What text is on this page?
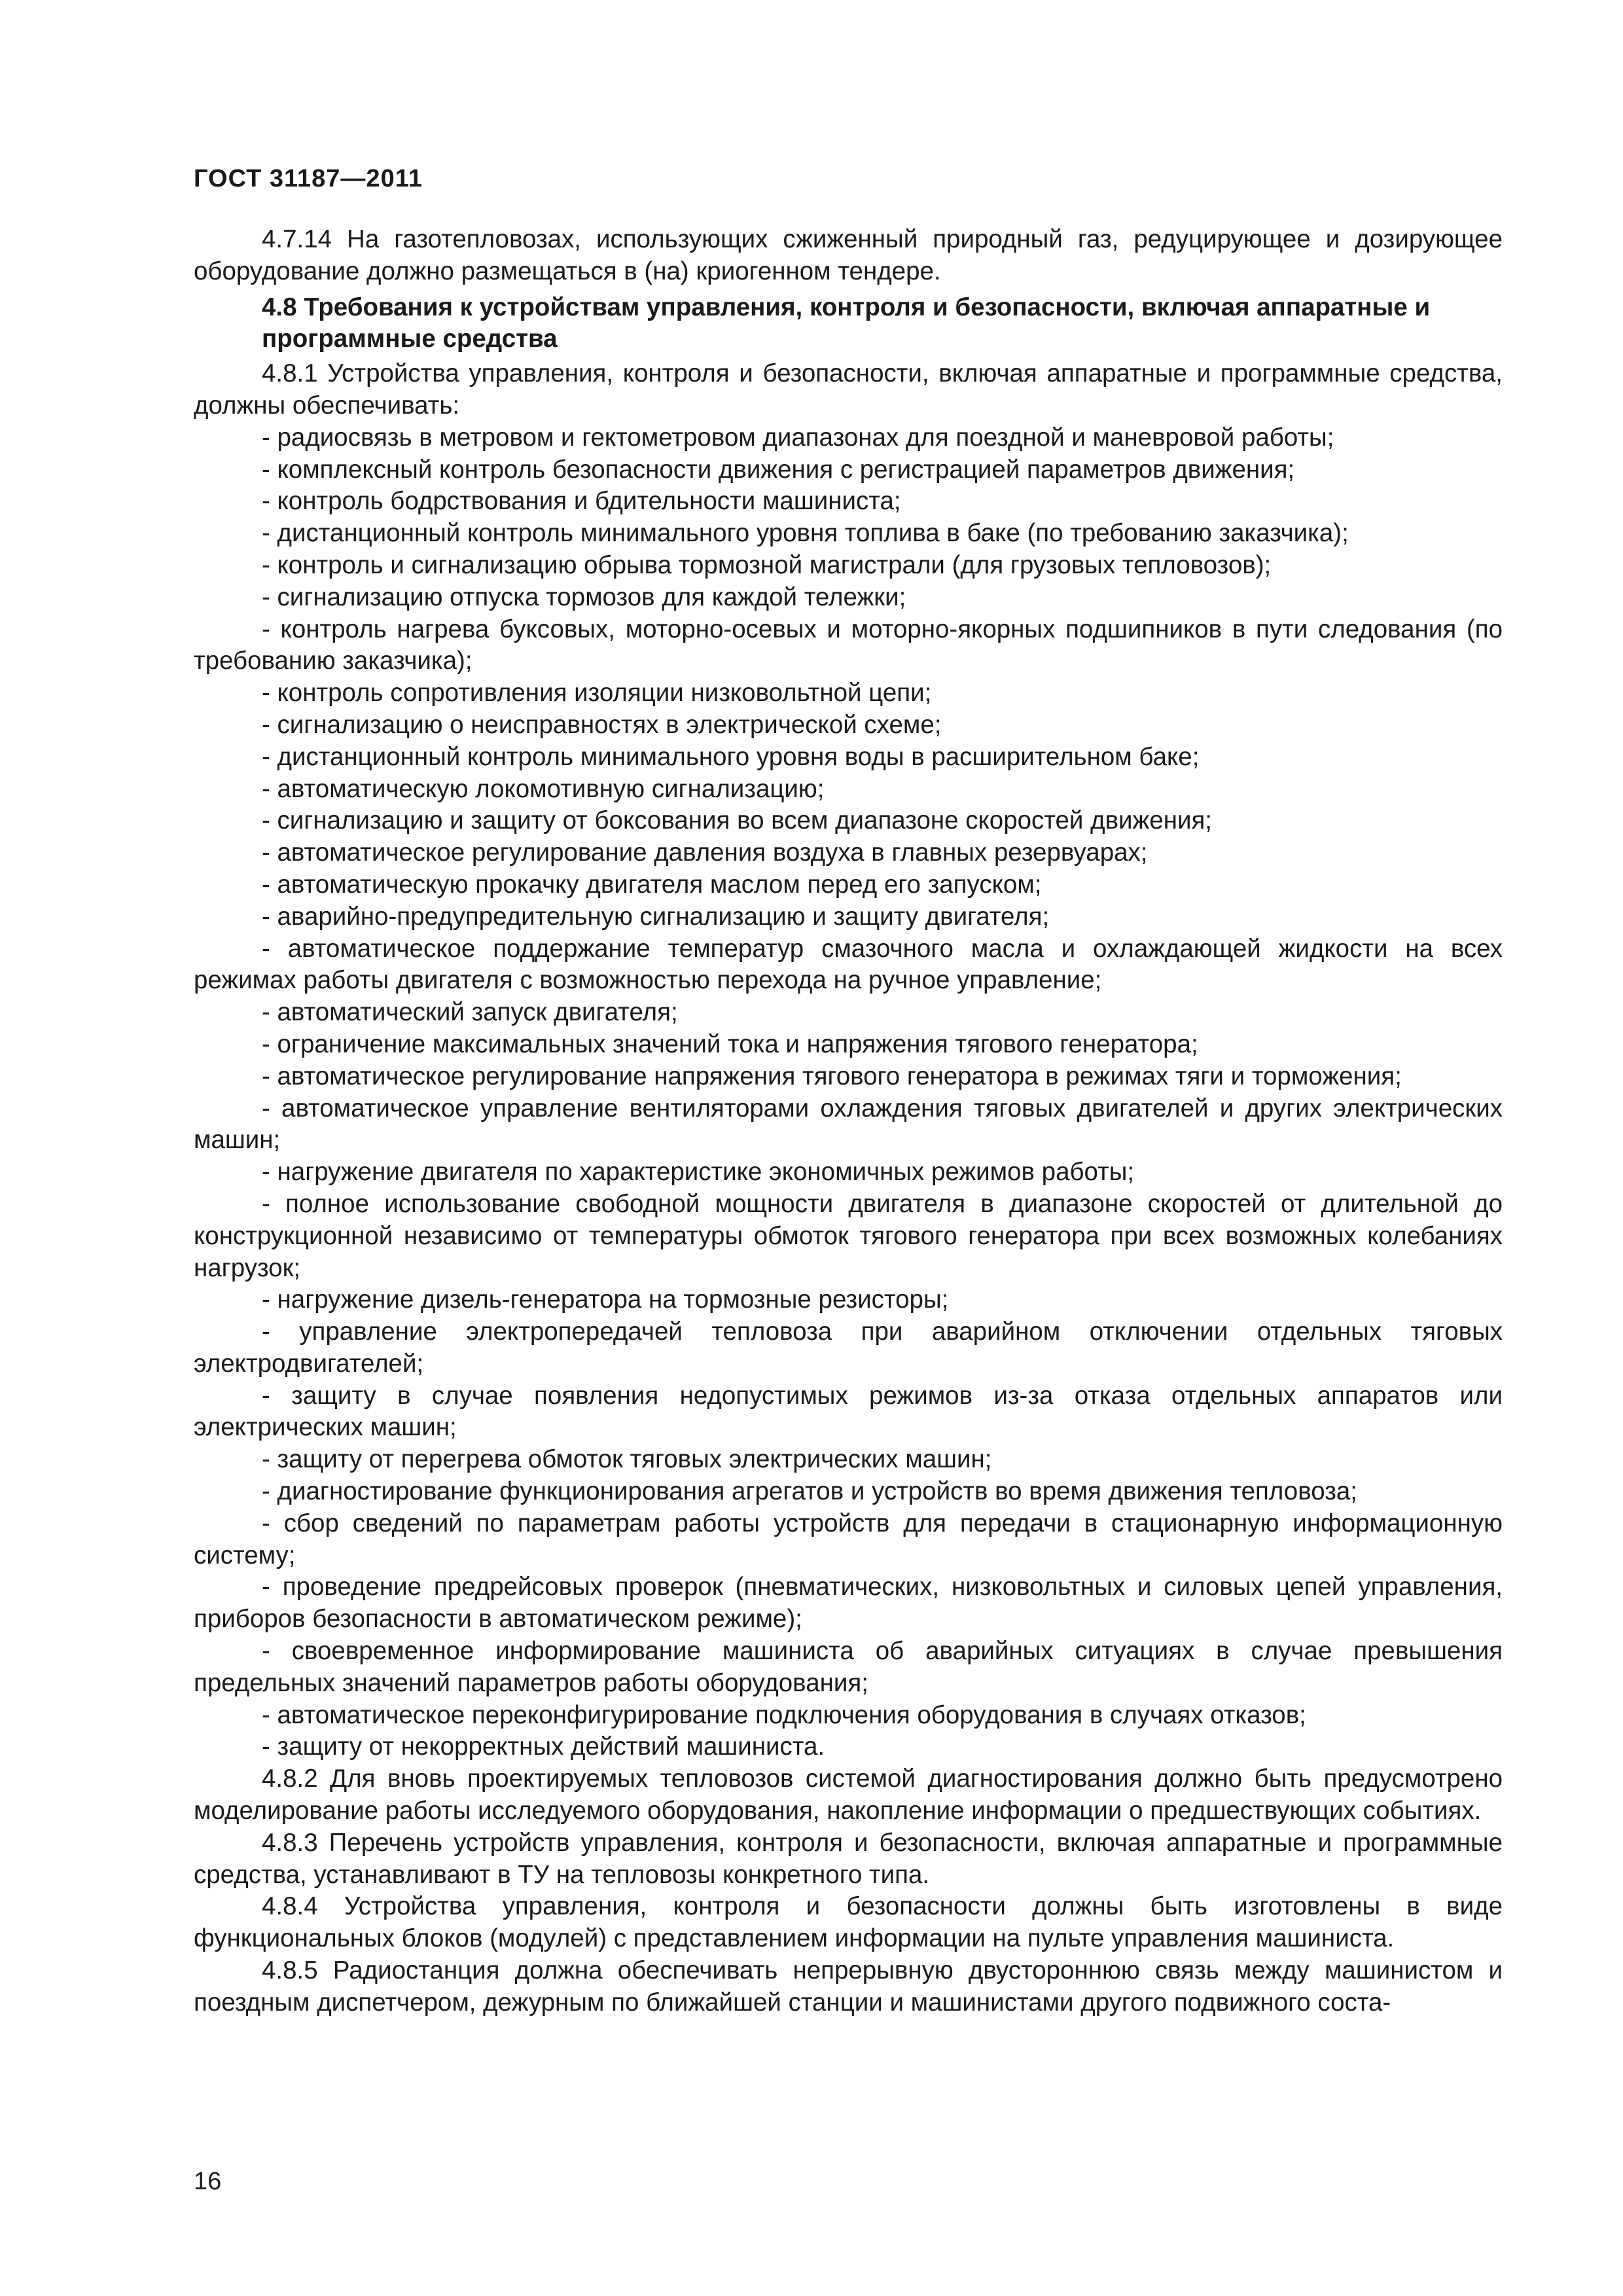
ГОСТ 31187—2011

4.7.14 На газотепловозах, использующих сжиженный природный газ, редуцирующее и дозирующее оборудование должно размещаться в (на) криогенном тендере.

4.8 Требования к устройствам управления, контроля и безопасности, включая аппаратные и программные средства

4.8.1 Устройства управления, контроля и безопасности, включая аппаратные и программные средства, должны обеспечивать:

- радиосвязь в метровом и гектометровом диапазонах для поездной и маневровой работы;

- комплексный контроль безопасности движения с регистрацией параметров движения;

- контроль бодрствования и бдительности машиниста;

- дистанционный контроль минимального уровня топлива в баке (по требованию заказчика);

- контроль и сигнализацию обрыва тормозной магистрали (для грузовых тепловозов);

- сигнализацию отпуска тормозов для каждой тележки;

- контроль нагрева буксовых, моторно-осевых и моторно-якорных подшипников в пути следования (по требованию заказчика);

- контроль сопротивления изоляции низковольтной цепи;

- сигнализацию о неисправностях в электрической схеме;

- дистанционный контроль минимального уровня воды в расширительном баке;

- автоматическую локомотивную сигнализацию;

- сигнализацию и защиту от боксования во всем диапазоне скоростей движения;

- автоматическое регулирование давления воздуха в главных резервуарах;

- автоматическую прокачку двигателя маслом перед его запуском;

- аварийно-предупредительную сигнализацию и защиту двигателя;

- автоматическое поддержание температур смазочного масла и охлаждающей жидкости на всех режимах работы двигателя с возможностью перехода на ручное управление;

- автоматический запуск двигателя;

- ограничение максимальных значений тока и напряжения тягового генератора;

- автоматическое регулирование напряжения тягового генератора в режимах тяги и торможения;

- автоматическое управление вентиляторами охлаждения тяговых двигателей и других электрических машин;

- нагружение двигателя по характеристике экономичных режимов работы;

- полное использование свободной мощности двигателя в диапазоне скоростей от длительной до конструкционной независимо от температуры обмоток тягового генератора при всех возможных колебаниях нагрузок;

- нагружение дизель-генератора на тормозные резисторы;

- управление электропередачей тепловоза при аварийном отключении отдельных тяговых электродвигателей;

- защиту в случае появления недопустимых режимов из-за отказа отдельных аппаратов или электрических машин;

- защиту от перегрева обмоток тяговых электрических машин;

- диагностирование функционирования агрегатов и устройств во время движения тепловоза;

- сбор сведений по параметрам работы устройств для передачи в стационарную информационную систему;

- проведение предрейсовых проверок (пневматических, низковольтных и силовых цепей управления, приборов безопасности в автоматическом режиме);

- своевременное информирование машиниста об аварийных ситуациях в случае превышения предельных значений параметров работы оборудования;

- автоматическое переконфигурирование подключения оборудования в случаях отказов;

- защиту от некорректных действий машиниста.

4.8.2 Для вновь проектируемых тепловозов системой диагностирования должно быть предусмотрено моделирование работы исследуемого оборудования, накопление информации о предшествующих событиях.

4.8.3 Перечень устройств управления, контроля и безопасности, включая аппаратные и программные средства, устанавливают в ТУ на тепловозы конкретного типа.

4.8.4 Устройства управления, контроля и безопасности должны быть изготовлены в виде функциональных блоков (модулей) с представлением информации на пульте управления машиниста.

4.8.5 Радиостанция должна обеспечивать непрерывную двустороннюю связь между машинистом и поездным диспетчером, дежурным по ближайшей станции и машинистами другого подвижного соста-

16
